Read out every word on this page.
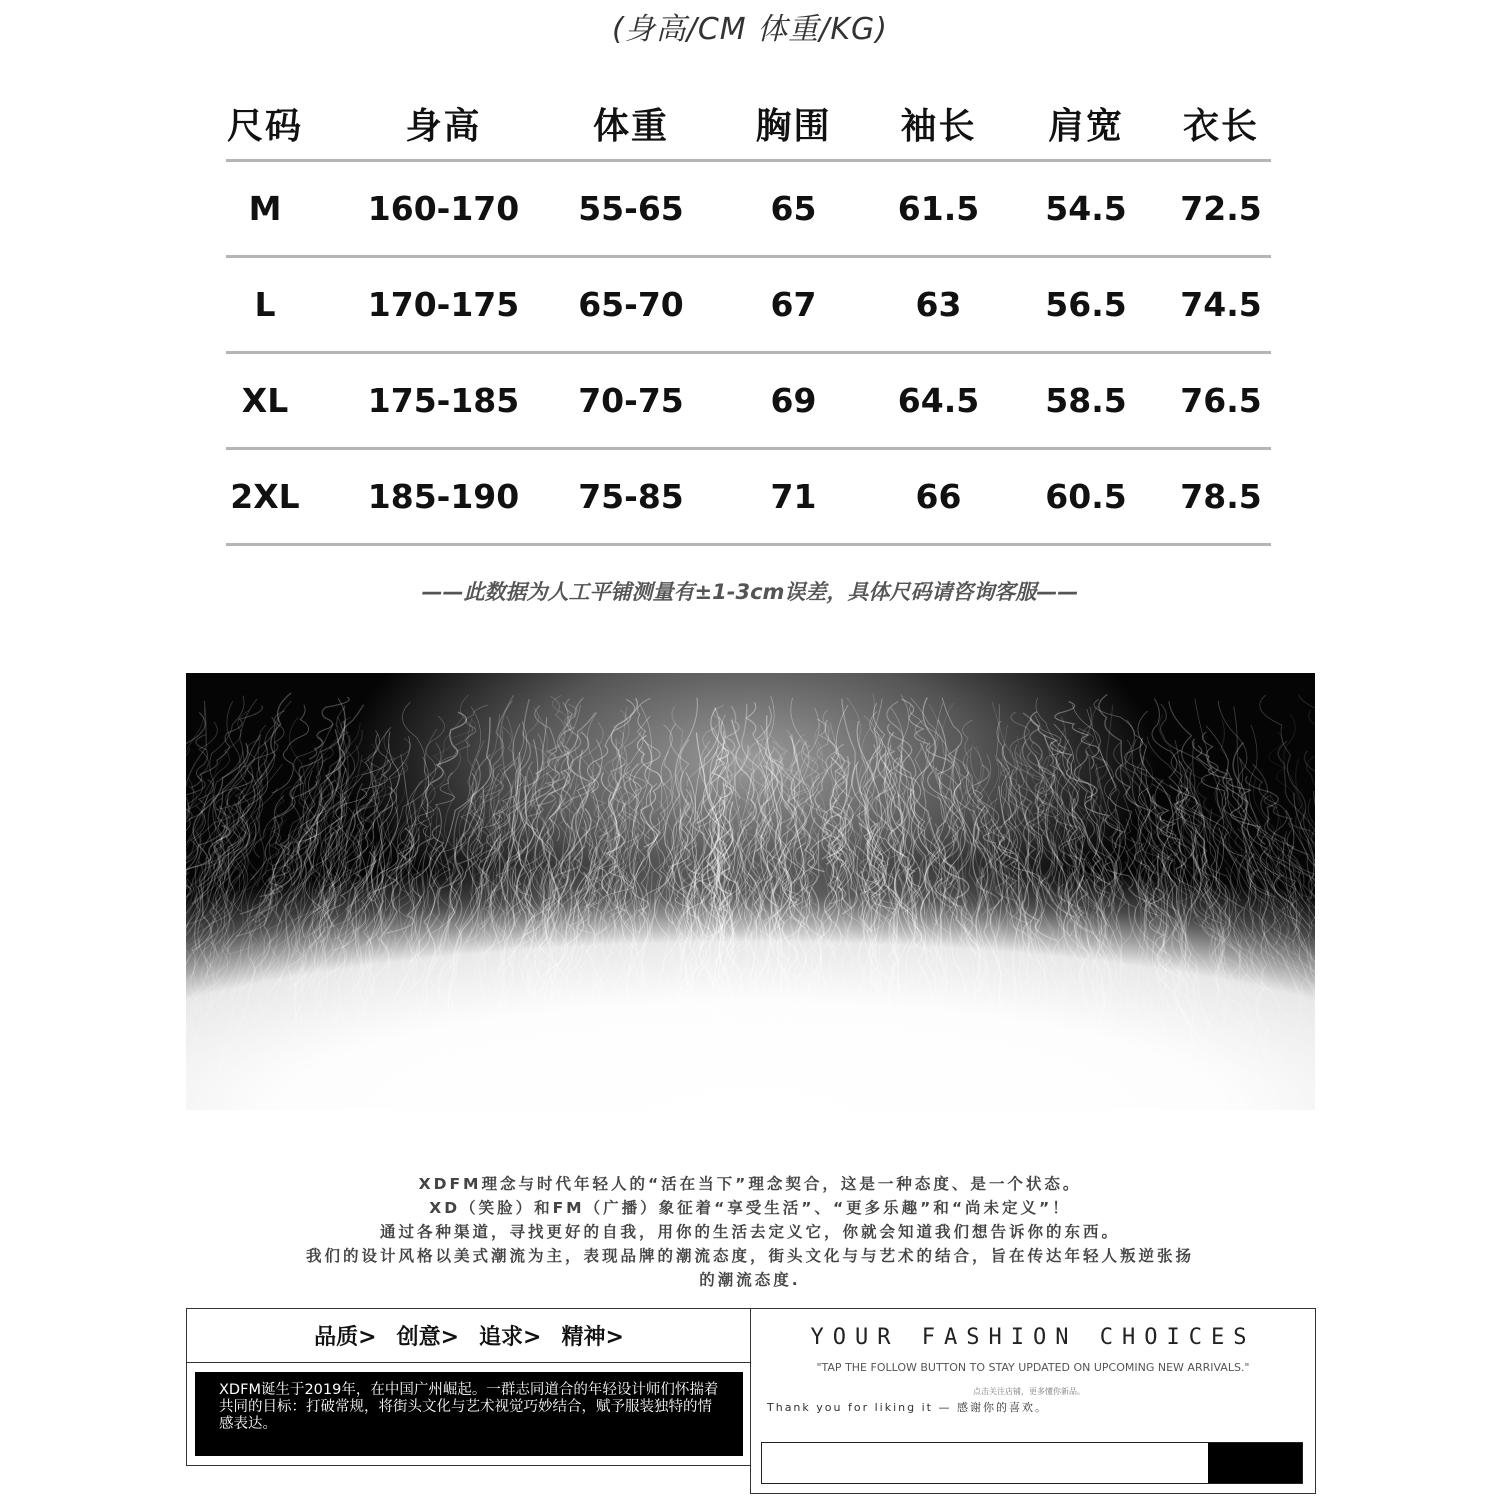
(身高/CM 体重/KG)
尺码	身高	体重	胸围	袖长	肩宽	衣长
M	160-170	55-65	65	61.5	54.5	72.5
L	170-175	65-70	67	63	56.5	74.5
XL	175-185	70-75	69	64.5	58.5	76.5
2XL	185-190	75-85	71	66	60.5	78.5
——此数据为人工平铺测量有±1-3cm误差，具体尺码请咨询客服——
XDFM理念与时代年轻人的“活在当下”理念契合，这是一种态度、是一个状态。
XD（笑脸）和FM（广播）象征着“享受生活”、“更多乐趣”和“尚未定义”！
通过各种渠道，寻找更好的自我，用你的生活去定义它，你就会知道我们想告诉你的东西。
我们的设计风格以美式潮流为主，表现品牌的潮流态度，街头文化与与艺术的结合，旨在传达年轻人叛逆张扬
的潮流态度.
品质> 创意> 追求> 精神>
XDFM诞生于2019年，在中国广州崛起。一群志同道合的年轻设计师们怀揣着共同的目标：打破常规，将街头文化与艺术视觉巧妙结合，赋予服装独特的情感表达。
YOUR FASHION CHOICES
"TAP THE FOLLOW BUTTON TO STAY UPDATED ON UPCOMING NEW ARRIVALS."
点击关注店铺，更多懂你新品。
Thank you for liking it — 感谢你的喜欢。
